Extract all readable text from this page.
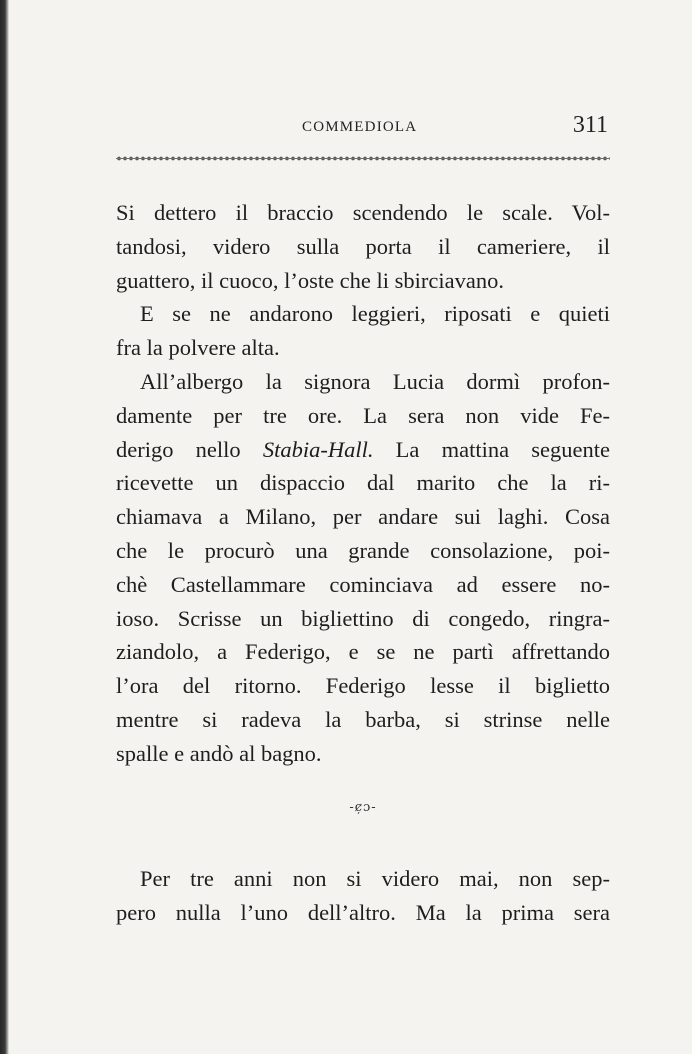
COMMEDIOLA	311

Si dettero il braccio scendendo le scale. Vol-
tandosi, videro sulla porta il cameriere, il
guattero, il cuoco, l’oste che li sbirciavano.

E se ne andarono leggieri, riposati e quieti
fra la polvere alta.

All’albergo la signora Lucia dormì profon-
damente per tre ore. La sera non vide Fe-
derigo nello Stabia-Hall. La mattina seguente
ricevette un dispaccio dal marito che la ri-
chiamava a Milano, per andare sui laghi. Cosa
che le procurò una grande consolazione, poi-
chè Castellammare cominciava ad essere no-
ioso. Scrisse un bigliettino di congedo, ringra-
ziandolo, a Federigo, e se ne partì affrettando
l’ora del ritorno. Federigo lesse il biglietto
mentre si radeva la barba, si strinse nelle
spalle e andò al bagno.

-ȼ̦ɔ-
Per tre anni non si videro mai, non sep-
pero nulla l’uno dell’altro. Ma la prima sera
